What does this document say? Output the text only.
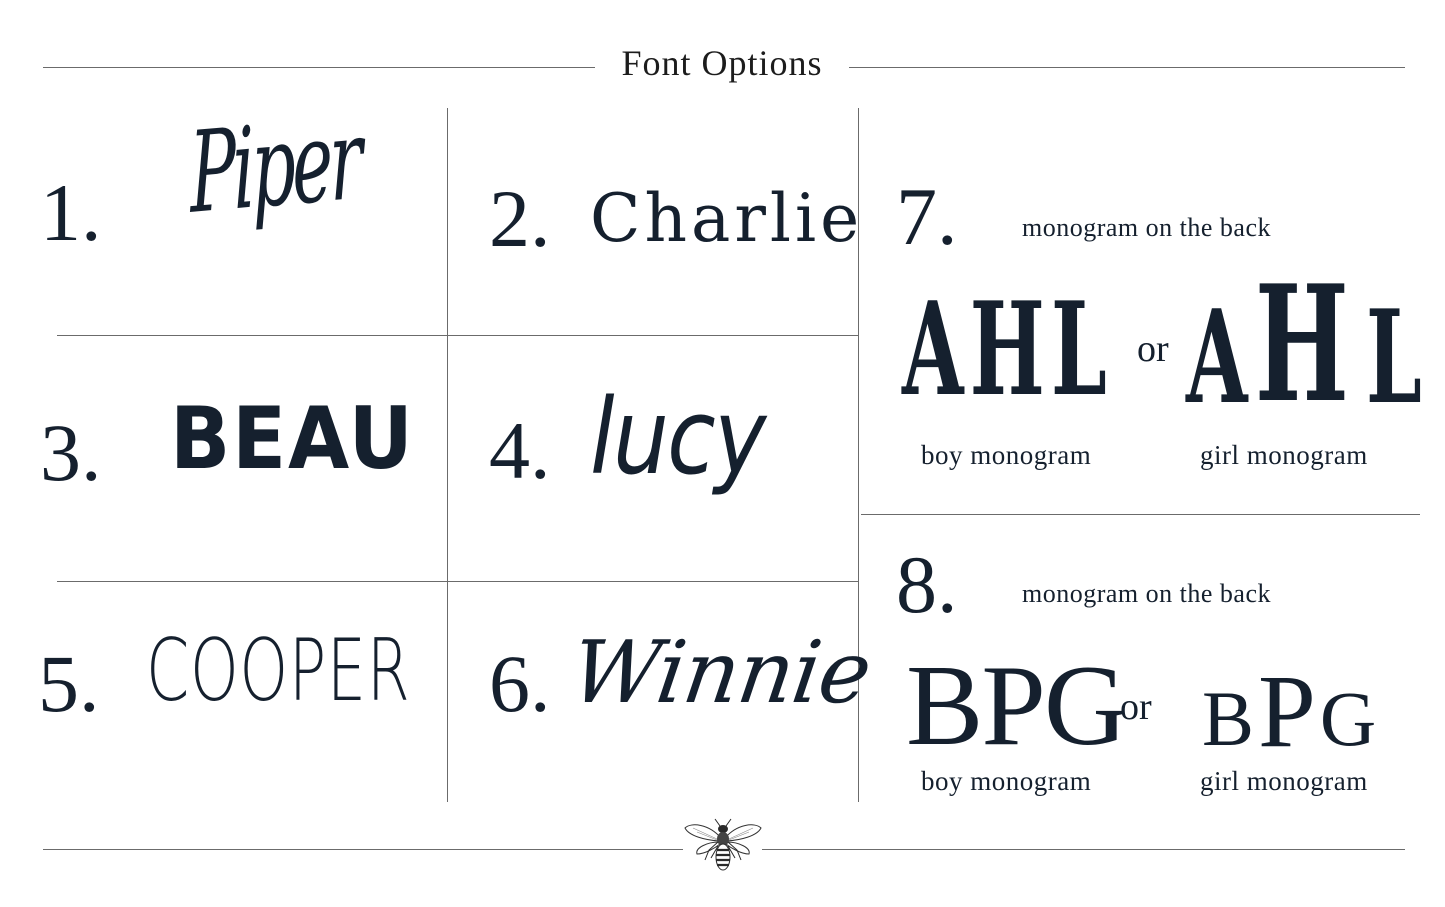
Font Options
1. Piper 2. Charlie
3. BEAU 4. lucy
5. COOPER 6. Winnie
7. monogram on the back
AHL or AH L
boy monogram	girl monogram
8. monogram on the back
BPG
or BPG
boy monogram	girl monogram
